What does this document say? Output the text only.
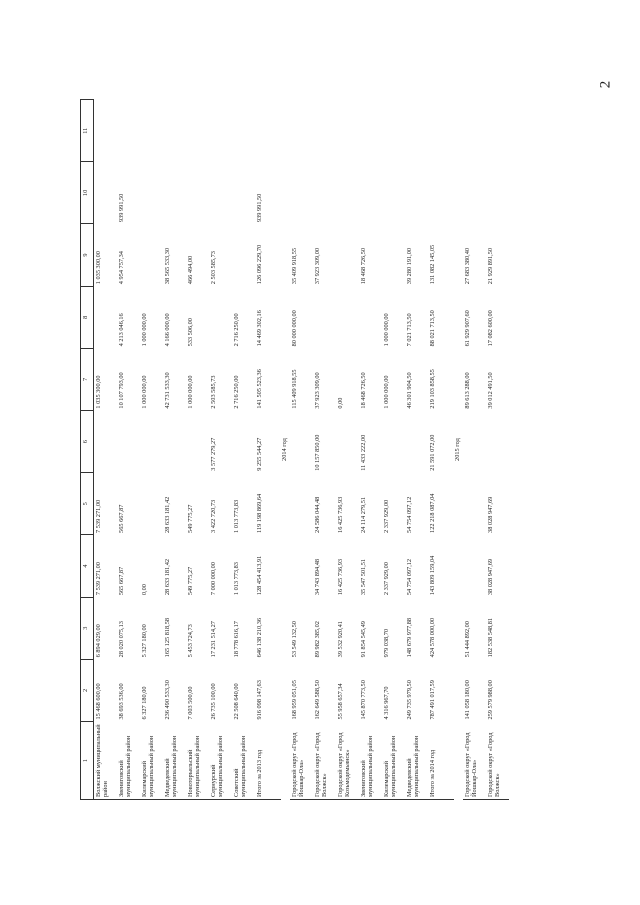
2
1	2	3	4	5	6	7	8	9	10	11
Волжский муниципальный район	15 468 600,00	6 894 029,00	7 539 271,00	7 539 271,00		1 035 300,00		1 035 300,00		
Звениговский муниципальный район	38 693 536,00	28 020 075,13	565 667,87	565 667,87		10 107 793,00	4 213 046,16	4 954 757,34	939 991,50	
Килемарский муниципальный район	6 327 180,00	5 327 180,00	0,00			1 000 000,00	1 000 000,00			
Медведевский муниципальный район	236 490 533,30	165 125 818,58	28 633 181,42	28 633 181,42		42 731 533,30	4 166 000,00	38 565 533,30		
Новоторъяльский муниципальный район	7 003 500,00	5 453 724,73	549 775,27	549 775,27		1 000 000,00	533 506,00	466 494,00		
Сернурский муниципальный район	26 735 100,00	17 231 514,27	7 000 000,00	3 422 720,73	3 577 279,27	2 503 585,73		2 503 585,73		
Советский муниципальный район	22 508 640,00	18 778 616,17	1 013 773,83	1 013 773,83		2 716 250,00	2 716 250,00			
Итого за 2013 год	916 098 147,63	646 138 210,36	128 454 413,91	119 198 869,64	9 255 544,27	141 505 523,36	14 469 302,16	126 096 229,70	939 991,50	
2014 год										
Городской округ «Город Йошкар-Ола»	168 959 051,05	53 549 132,50				115 409 918,55	80 000 000,00	35 409 918,55		
Городской округ «Город Волжск»	162 649 588,50	89 982 385,02	34 743 894,48	24 586 044,48	10 157 850,00	37 923 309,00		37 923 309,00		
Городской округ «Город Козьмодемьянск»	55 958 657,34	39 532 920,41	16 425 736,93	16 425 736,93		0,00				
Звениговский муниципальный район	145 870 773,50	91 854 545,49	35 547 501,51	24 114 279,51	11 433 222,00	18 468 726,50		18 468 726,50		
Килемарский муниципальный район	4 316 967,70	979 038,70	2 337 929,00	2 337 929,00		1 000 000,00	1 000 000,00			
Медведевский муниципальный район	249 735 979,50	148 679 977,88	54 754 097,12	54 754 097,12		46 301 904,50	7 021 713,50	39 280 191,00		
Итого за 2014 год	787 491 017,59	424 578 000,00	143 809 159,04	122 218 087,04	21 591 072,00	219 103 858,55	88 021 713,50	131 082 145,05		
2015 год										
Городской округ «Город Йошкар-Ола»	141 058 180,00	51 444 892,00				89 613 288,00	61 929 907,60	27 683 380,40		
Городской округ «Город Волжск»	259 579 988,00	182 538 548,81	38 028 947,69	38 028 947,69		39 012 491,50	17 082 600,00	21 929 891,50		
